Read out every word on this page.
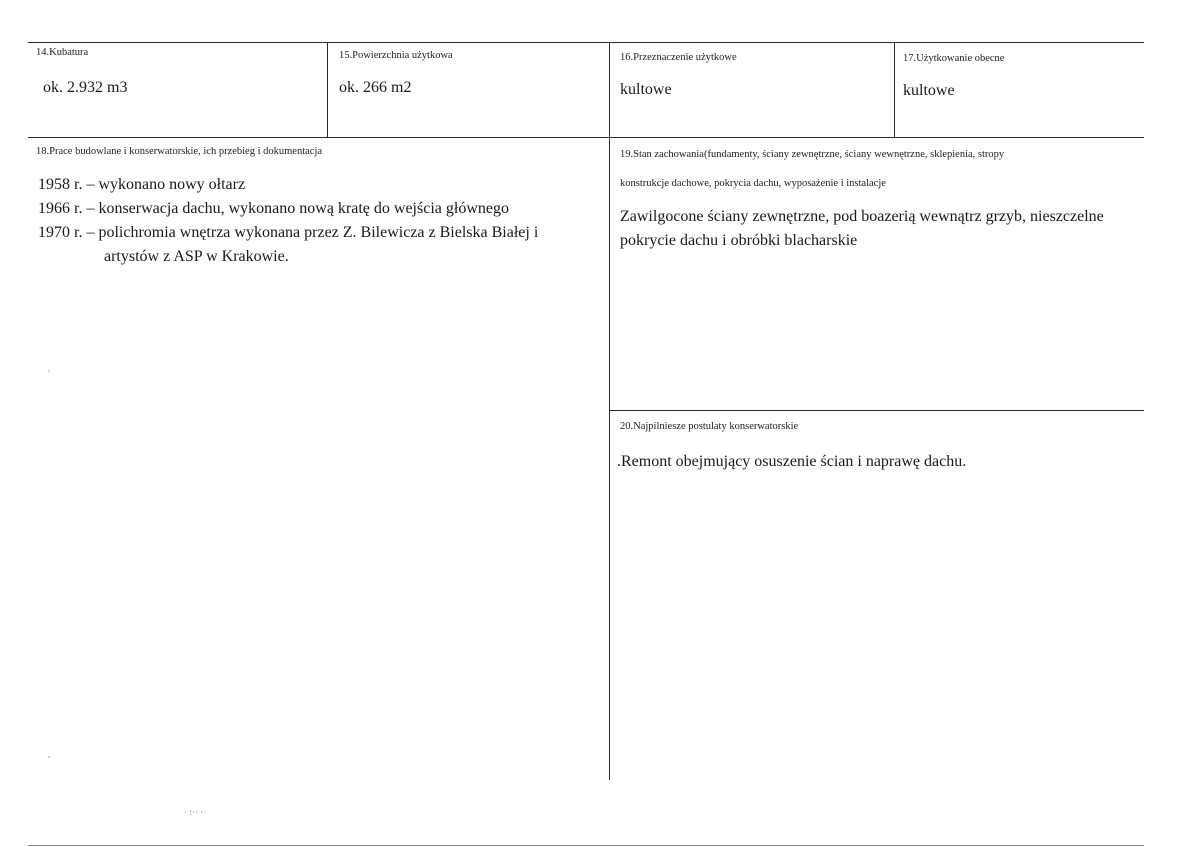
14.Kubatura
ok. 2.932 m3
15.Powierzchnia użytkowa
ok. 266 m2
16.Przeznaczenie użytkowe
kultowe
17.Użytkowanie obecne
kultowe
18.Prace budowlane i konserwatorskie, ich przebieg i dokumentacja
1958 r. – wykonano nowy ołtarz
1966 r. – konserwacja dachu, wykonano nową kratę do wejścia głównego
1970 r. – polichromia wnętrza wykonana przez Z. Bilewicza z Bielska Białej i
artystów z ASP w Krakowie.
19.Stan zachowania(fundamenty, ściany zewnętrzne, ściany wewnętrzne, sklepienia, stropy
konstrukcje dachowe, pokrycia dachu, wyposażenie i instalacje
Zawilgocone ściany zewnętrzne, pod boazerią wewnątrz grzyb, nieszczelne
pokrycie dachu i obróbki blacharskie
20.Najpilniesze postulaty konserwatorskie
.Remont obejmujący osuszenie ścian i naprawę dachu.
,
,
· :·· ·
